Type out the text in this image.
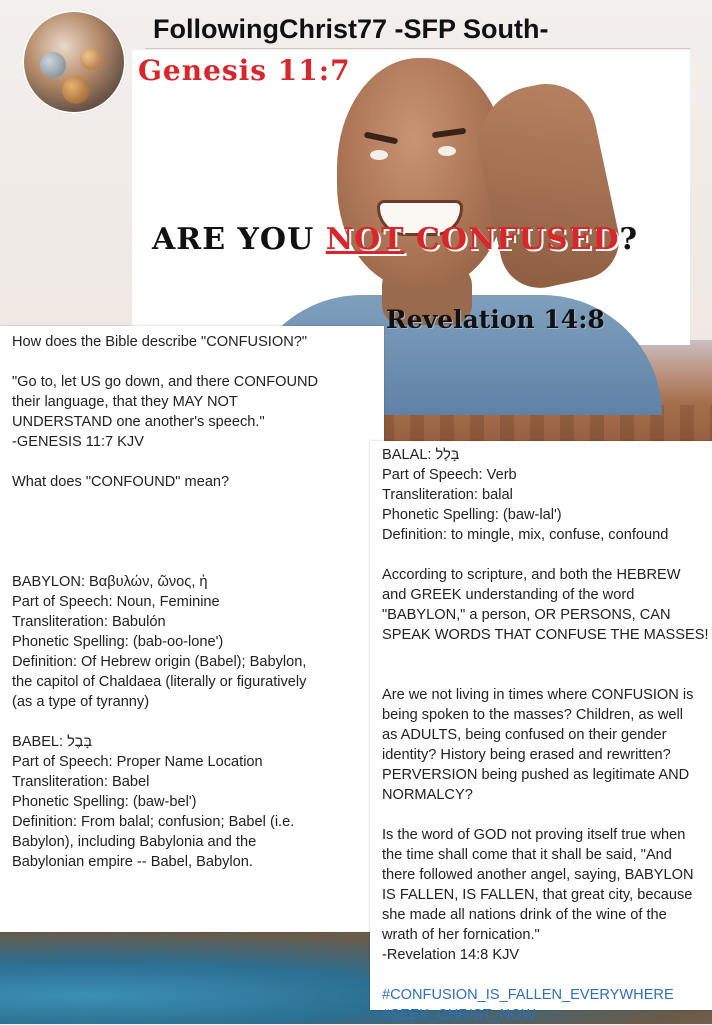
FollowingChrist77 -SFP South-
Genesis 11:7
ARE YOU NOT CONFUSED?
Revelation 14:8
How does the Bible describe "CONFUSION?"
"Go to, let US go down, and there CONFOUND
their language, that they MAY NOT
UNDERSTAND one another's speech."
-GENESIS 11:7 KJV
What does "CONFOUND" mean?
BABYLON: Βαβυλών, ῶνος, ἡ
Part of Speech: Noun, Feminine
Transliteration: Babulón
Phonetic Spelling: (bab-oo-lone')
Definition: Of Hebrew origin (Babel); Babylon,
the capitol of Chaldaea (literally or figuratively
(as a type of tyranny)
BABEL: בָּבֶל
Part of Speech: Proper Name Location
Transliteration: Babel
Phonetic Spelling: (baw-bel')
Definition: From balal; confusion; Babel (i.e.
Babylon), including Babylonia and the
Babylonian empire -- Babel, Babylon.
BALAL: בָּלַל
Part of Speech: Verb
Transliteration: balal
Phonetic Spelling: (baw-lal')
Definition: to mingle, mix, confuse, confound
According to scripture, and both the HEBREW
and GREEK understanding of the word
"BABYLON," a person, OR PERSONS, CAN
SPEAK WORDS THAT CONFUSE THE MASSES!
Are we not living in times where CONFUSION is
being spoken to the masses? Children, as well
as ADULTS, being confused on their gender
identity? History being erased and rewritten?
PERVERSION being pushed as legitimate AND
NORMALCY?
Is the word of GOD not proving itself true when
the time shall come that it shall be said, "And
there followed another angel, saying, BABYLON
IS FALLEN, IS FALLEN, that great city, because
she made all nations drink of the wine of the
wrath of her fornication."
-Revelation 14:8 KJV
#CONFUSION_IS_FALLEN_EVERYWHERE
#SEEK_CHRIST_NOW
